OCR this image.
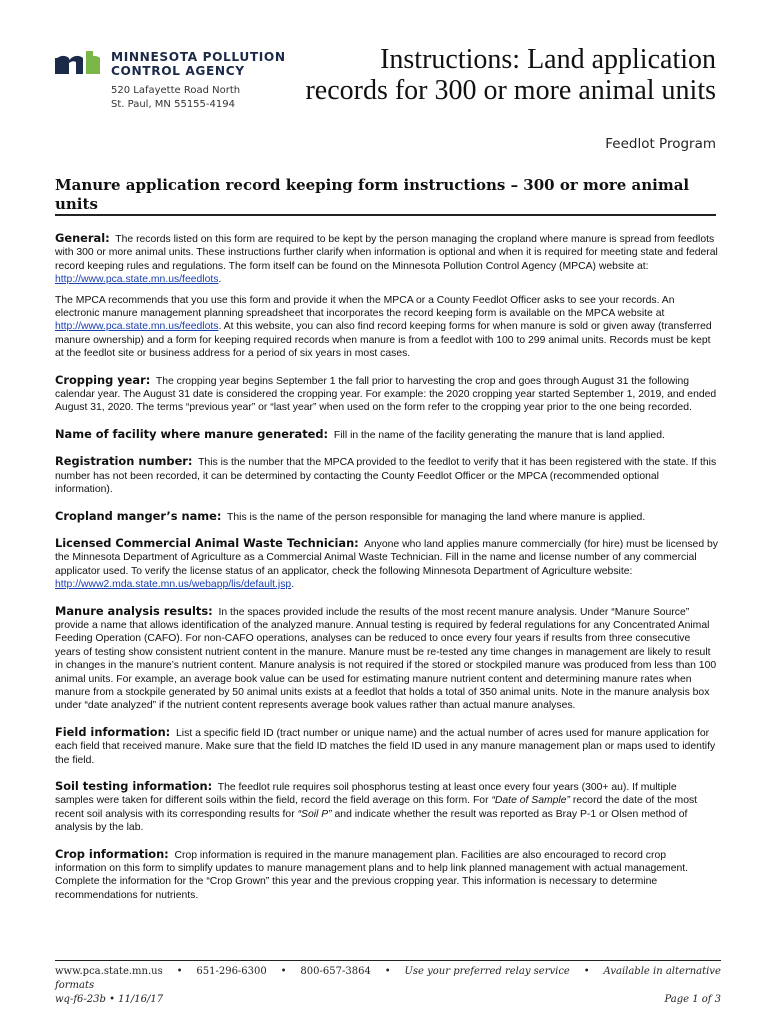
MINNESOTA POLLUTION
CONTROL AGENCY
520 Lafayette Road North
St. Paul, MN 55155-4194
Instructions: Land application records for 300 or more animal units
Feedlot Program
Manure application record keeping form instructions – 300 or more animal units

General: The records listed on this form are required to be kept by the person managing the cropland where manure is spread from feedlots with 300 or more animal units. These instructions further clarify when information is optional and when it is required for meeting state and federal record keeping rules and regulations. The form itself can be found on the Minnesota Pollution Control Agency (MPCA) website at: http://www.pca.state.mn.us/feedlots.

The MPCA recommends that you use this form and provide it when the MPCA or a County Feedlot Officer asks to see your records. An electronic manure management planning spreadsheet that incorporates the record keeping form is available on the MPCA website at http://www.pca.state.mn.us/feedlots. At this website, you can also find record keeping forms for when manure is sold or given away (transferred manure ownership) and a form for keeping required records when manure is from a feedlot with 100 to 299 animal units. Records must be kept at the feedlot site or business address for a period of six years in most cases.

Cropping year: The cropping year begins September 1 the fall prior to harvesting the crop and goes through August 31 the following calendar year. The August 31 date is considered the cropping year. For example: the 2020 cropping year started September 1, 2019, and ended August 31, 2020. The terms “previous year” or “last year” when used on the form refer to the cropping year prior to the one being recorded.

Name of facility where manure generated: Fill in the name of the facility generating the manure that is land applied.

Registration number: This is the number that the MPCA provided to the feedlot to verify that it has been registered with the state. If this number has not been recorded, it can be determined by contacting the County Feedlot Officer or the MPCA (recommended optional information).

Cropland manger’s name: This is the name of the person responsible for managing the land where manure is applied.

Licensed Commercial Animal Waste Technician: Anyone who land applies manure commercially (for hire) must be licensed by the Minnesota Department of Agriculture as a Commercial Animal Waste Technician. Fill in the name and license number of any commercial applicator used. To verify the license status of an applicator, check the following Minnesota Department of Agriculture website: http://www2.mda.state.mn.us/webapp/lis/default.jsp.

Manure analysis results: In the spaces provided include the results of the most recent manure analysis. Under “Manure Source” provide a name that allows identification of the analyzed manure. Annual testing is required by federal regulations for any Concentrated Animal Feeding Operation (CAFO). For non-CAFO operations, analyses can be reduced to once every four years if results from three consecutive years of testing show consistent nutrient content in the manure. Manure must be re-tested any time changes in management are likely to result in changes in the manure’s nutrient content. Manure analysis is not required if the stored or stockpiled manure was produced from less than 100 animal units. For example, an average book value can be used for estimating manure nutrient content and determining manure rates when manure from a stockpile generated by 50 animal units exists at a feedlot that holds a total of 350 animal units. Note in the manure analysis box under “date analyzed” if the nutrient content represents average book values rather than actual manure analyses.

Field information: List a specific field ID (tract number or unique name) and the actual number of acres used for manure application for each field that received manure. Make sure that the field ID matches the field ID used in any manure management plan or maps used to identify the field.

Soil testing information: The feedlot rule requires soil phosphorus testing at least once every four years (300+ au). If multiple samples were taken for different soils within the field, record the field average on this form. For “Date of Sample” record the date of the most recent soil analysis with its corresponding results for “Soil P” and indicate whether the result was reported as Bray P-1 or Olsen method of analysis by the lab.

Crop information: Crop information is required in the manure management plan. Facilities are also encouraged to record crop information on this form to simplify updates to manure management plans and to help link planned management with actual management. Complete the information for the “Crop Grown” this year and the previous cropping year. This information is necessary to determine recommendations for nutrients.

www.pca.state.mn.us • 651-296-6300 • 800-657-3864 • Use your preferred relay service • Available in alternative
formats
wq-f6-23b • 11/16/17	Page 1 of 3
